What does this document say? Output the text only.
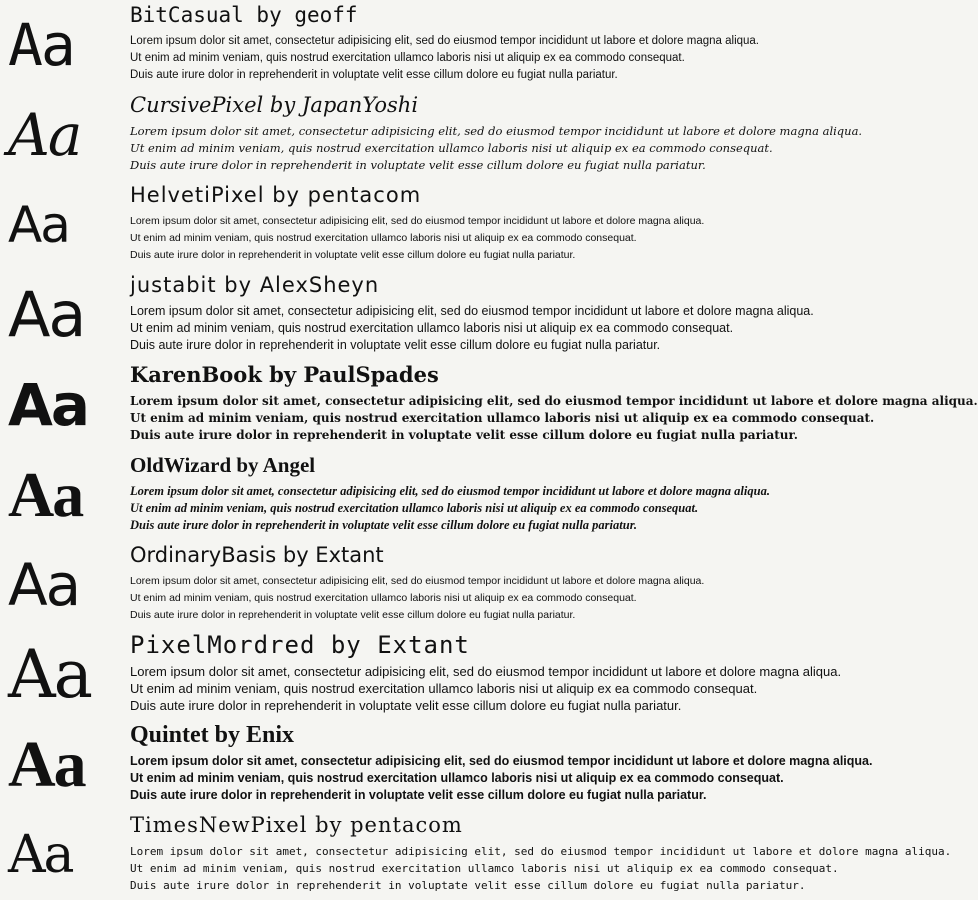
Aa	BitCasual by geoff
Lorem ipsum dolor sit amet, consectetur adipisicing elit, sed do eiusmod tempor incididunt ut labore et dolore magna aliqua.
Ut enim ad minim veniam, quis nostrud exercitation ullamco laboris nisi ut aliquip ex ea commodo consequat.
Duis aute irure dolor in reprehenderit in voluptate velit esse cillum dolore eu fugiat nulla pariatur.
Aa	CursivePixel by JapanYoshi
Lorem ipsum dolor sit amet, consectetur adipisicing elit, sed do eiusmod tempor incididunt ut labore et dolore magna aliqua.
Ut enim ad minim veniam, quis nostrud exercitation ullamco laboris nisi ut aliquip ex ea commodo consequat.
Duis aute irure dolor in reprehenderit in voluptate velit esse cillum dolore eu fugiat nulla pariatur.
Aa
HelvetiPixel by pentacom
Lorem ipsum dolor sit amet, consectetur adipisicing elit, sed do eiusmod tempor incididunt ut labore et dolore magna aliqua.
Ut enim ad minim veniam, quis nostrud exercitation ullamco laboris nisi ut aliquip ex ea commodo consequat.
Duis aute irure dolor in reprehenderit in voluptate velit esse cillum dolore eu fugiat nulla pariatur.
Aa	justabit by AlexSheyn
Lorem ipsum dolor sit amet, consectetur adipisicing elit, sed do eiusmod tempor incididunt ut labore et dolore magna aliqua.
Ut enim ad minim veniam, quis nostrud exercitation ullamco laboris nisi ut aliquip ex ea commodo consequat.
Duis aute irure dolor in reprehenderit in voluptate velit esse cillum dolore eu fugiat nulla pariatur.
Aa	KarenBook by PaulSpades
Lorem ipsum dolor sit amet, consectetur adipisicing elit, sed do eiusmod tempor incididunt ut labore et dolore magna aliqua.
Ut enim ad minim veniam, quis nostrud exercitation ullamco laboris nisi ut aliquip ex ea commodo consequat.
Duis aute irure dolor in reprehenderit in voluptate velit esse cillum dolore eu fugiat nulla pariatur.
Aa	OldWizard by Angel
Lorem ipsum dolor sit amet, consectetur adipisicing elit, sed do eiusmod tempor incididunt ut labore et dolore magna aliqua.
Ut enim ad minim veniam, quis nostrud exercitation ullamco laboris nisi ut aliquip ex ea commodo consequat.
Duis aute irure dolor in reprehenderit in voluptate velit esse cillum dolore eu fugiat nulla pariatur.
Aa	OrdinaryBasis by Extant
Lorem ipsum dolor sit amet, consectetur adipisicing elit, sed do eiusmod tempor incididunt ut labore et dolore magna aliqua.
Ut enim ad minim veniam, quis nostrud exercitation ullamco laboris nisi ut aliquip ex ea commodo consequat.
Duis aute irure dolor in reprehenderit in voluptate velit esse cillum dolore eu fugiat nulla pariatur.
Aa	PixelMordred by Extant
Lorem ipsum dolor sit amet, consectetur adipisicing elit, sed do eiusmod tempor incididunt ut labore et dolore magna aliqua.
Ut enim ad minim veniam, quis nostrud exercitation ullamco laboris nisi ut aliquip ex ea commodo consequat.
Duis aute irure dolor in reprehenderit in voluptate velit esse cillum dolore eu fugiat nulla pariatur.
Aa	Quintet by Enix
Lorem ipsum dolor sit amet, consectetur adipisicing elit, sed do eiusmod tempor incididunt ut labore et dolore magna aliqua.
Ut enim ad minim veniam, quis nostrud exercitation ullamco laboris nisi ut aliquip ex ea commodo consequat.
Duis aute irure dolor in reprehenderit in voluptate velit esse cillum dolore eu fugiat nulla pariatur.
Aa	TimesNewPixel by pentacom
Lorem ipsum dolor sit amet, consectetur adipisicing elit, sed do eiusmod tempor incididunt ut labore et dolore magna aliqua.
Ut enim ad minim veniam, quis nostrud exercitation ullamco laboris nisi ut aliquip ex ea commodo consequat.
Duis aute irure dolor in reprehenderit in voluptate velit esse cillum dolore eu fugiat nulla pariatur.
